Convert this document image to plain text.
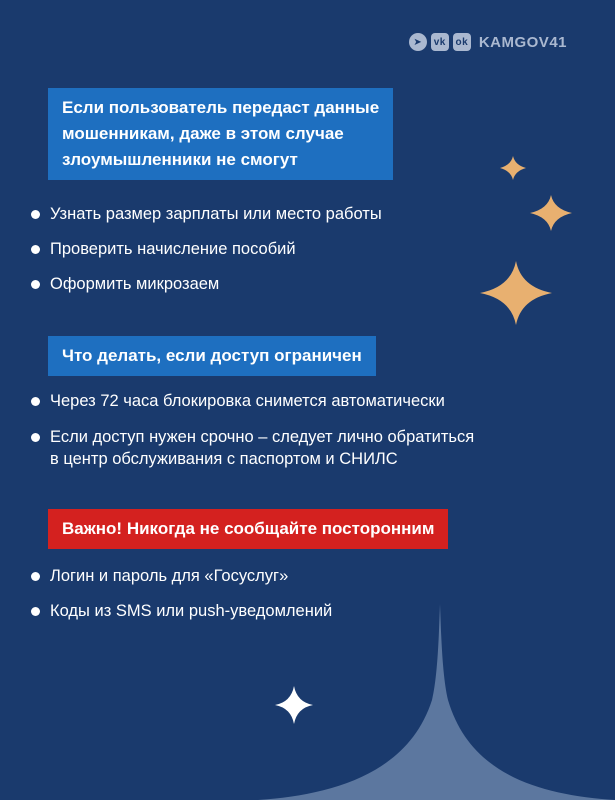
➤	vk ok KAMGOV41
Если пользователь передаст данные
мошенникам, даже в этом случае
злоумышленники не смогут
Узнать размер зарплаты или место работы
Проверить начисление пособий
Оформить микрозаем
Что делать, если доступ ограничен
Через 72 часа блокировка снимется автоматически
Если доступ нужен срочно – следует лично обратиться
в центр обслуживания с паспортом и СНИЛС
Важно! Никогда не сообщайте посторонним
Логин и пароль для «Госуслуг»
Коды из SMS или push-уведомлений
